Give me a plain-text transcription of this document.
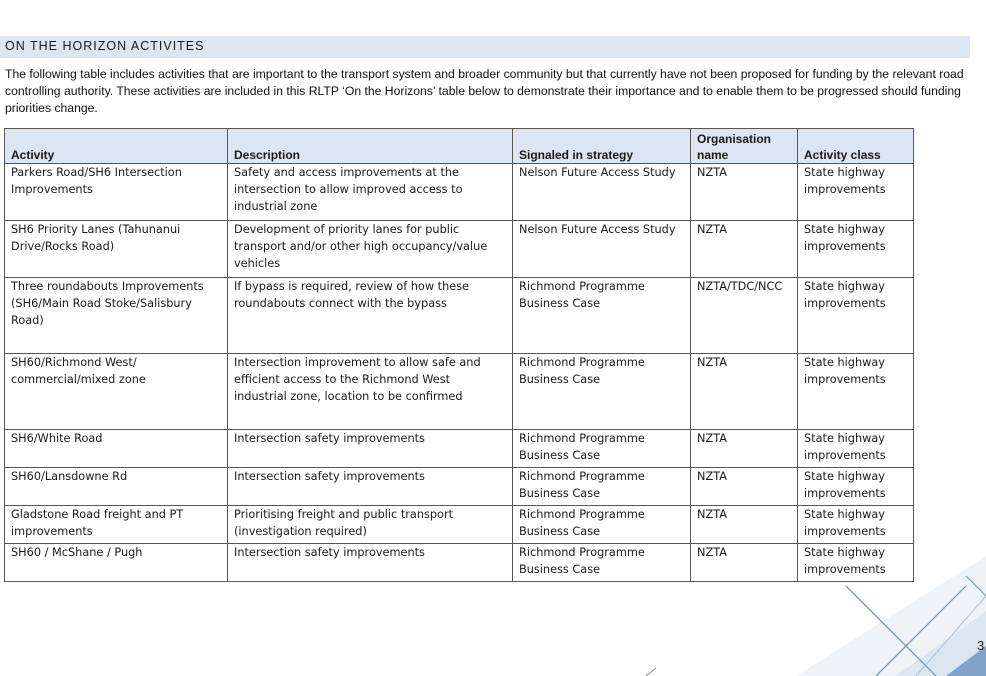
ON THE HORIZON ACTIVITES

The following table includes activities that are important to the transport system and broader community but that currently have not been proposed for funding by the relevant road controlling authority. These activities are included in this RLTP ‘On the Horizons’ table below to demonstrate their importance and to enable them to be progressed should funding priorities change.

Activity	Description	Signaled in strategy	Organisation name	Activity class
Parkers Road/SH6 Intersection Improvements	Safety and access improvements at the intersection to allow improved access to industrial zone	Nelson Future Access Study	NZTA	State highway improvements
SH6 Priority Lanes (Tahunanui Drive/Rocks Road)	Development of priority lanes for public transport and/or other high occupancy/value vehicles	Nelson Future Access Study	NZTA	State highway improvements
Three roundabouts Improvements (SH6/Main Road Stoke/Salisbury Road)	If bypass is required, review of how these roundabouts connect with the bypass	Richmond Programme Business Case	NZTA/TDC/NCC	State highway improvements
SH60/Richmond West/ commercial/mixed zone	Intersection improvement to allow safe and efficient access to the Richmond West industrial zone, location to be confirmed	Richmond Programme Business Case	NZTA	State highway improvements
SH6/White Road	Intersection safety improvements	Richmond Programme Business Case	NZTA	State highway improvements
SH60/Lansdowne Rd	Intersection safety improvements	Richmond Programme Business Case	NZTA	State highway improvements
Gladstone Road freight and PT improvements	Prioritising freight and public transport (investigation required)	Richmond Programme Business Case	NZTA	State highway improvements
SH60 / McShane / Pugh	Intersection safety improvements	Richmond Programme Business Case	NZTA	State highway improvements
3
